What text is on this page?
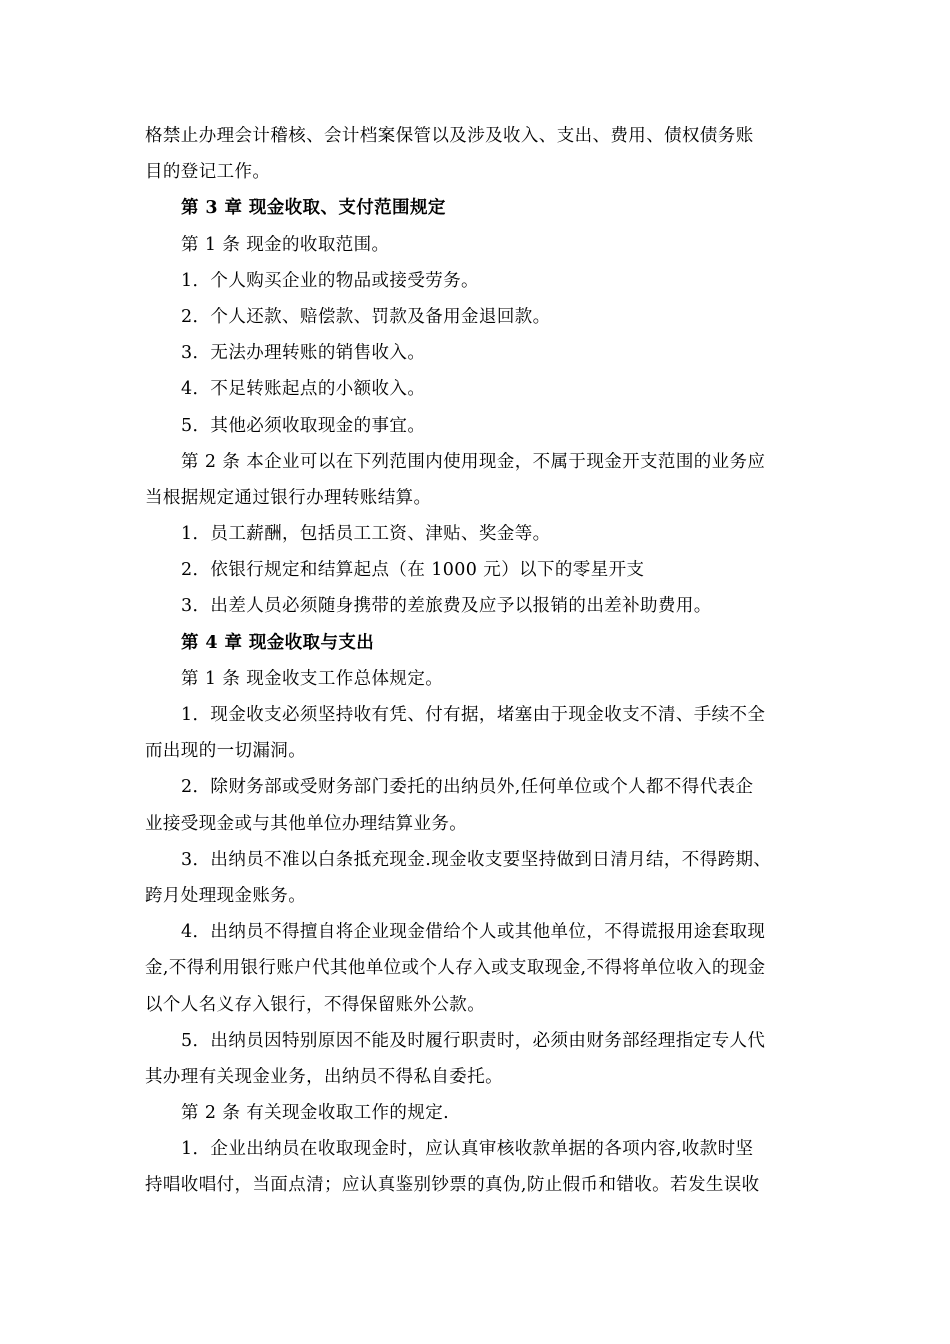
格禁止办理会计稽核、会计档案保管以及涉及收入、支出、费用、债权债务账
目的登记工作。
第 3 章 现金收取、支付范围规定
第 1 条 现金的收取范围。
1．个人购买企业的物品或接受劳务。
2．个人还款、赔偿款、罚款及备用金退回款。
3．无法办理转账的销售收入。
4．不足转账起点的小额收入。
5．其他必须收取现金的事宜。
第 2 条 本企业可以在下列范围内使用现金，不属于现金开支范围的业务应
当根据规定通过银行办理转账结算。
1．员工薪酬，包括员工工资、津贴、奖金等。
2．依银行规定和结算起点（在 1000 元）以下的零星开支
3．出差人员必须随身携带的差旅费及应予以报销的出差补助费用。
第 4 章 现金收取与支出
第 1 条 现金收支工作总体规定。
1．现金收支必须坚持收有凭、付有据，堵塞由于现金收支不清、手续不全
而出现的一切漏洞。
2．除财务部或受财务部门委托的出纳员外,任何单位或个人都不得代表企
业接受现金或与其他单位办理结算业务。
3．出纳员不准以白条抵充现金.现金收支要坚持做到日清月结，不得跨期、
跨月处理现金账务。
4．出纳员不得擅自将企业现金借给个人或其他单位，不得谎报用途套取现
金,不得利用银行账户代其他单位或个人存入或支取现金,不得将单位收入的现金
以个人名义存入银行，不得保留账外公款。
5．出纳员因特别原因不能及时履行职责时，必须由财务部经理指定专人代
其办理有关现金业务，出纳员不得私自委托。
第 2 条 有关现金收取工作的规定.
1．企业出纳员在收取现金时，应认真审核收款单据的各项内容,收款时坚
持唱收唱付，当面点清；应认真鉴别钞票的真伪,防止假币和错收。若发生误收
